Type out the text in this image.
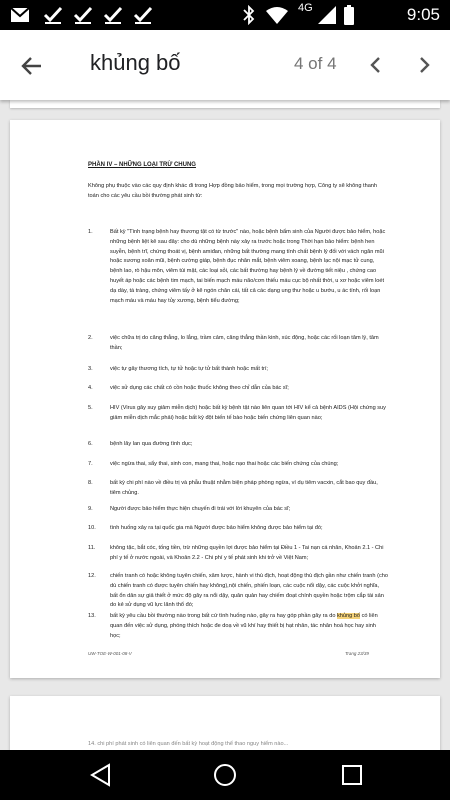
4G	9:05
khủng bố	4 of 4
PHẦN IV – NHỮNG LOẠI TRỪ CHUNG
Không phụ thuộc vào các quy định khác đi trong Hợp đồng bảo hiểm, trong mọi trường hợp, Công ty sẽ không thanh toán cho các yêu cầu bồi thường phát sinh từ:
1.	Bất kỳ "Tình trạng bệnh hay thương tật có từ trước" nào, hoặc bệnh bẩm sinh của Người được bảo hiểm, hoặc những bệnh liệt kê sau đây: cho dù những bệnh này xảy ra trước hoặc trong Thời hạn bảo hiểm: bệnh hen suyễn, bệnh trĩ, chứng thoát vị, bệnh amiđan, những bất thường mang tính chất bệnh lý đối với vách ngăn mũi hoặc xương xoăn mũi, bệnh cường giáp, bệnh đục nhân mắt, bệnh viêm xoang, bệnh lạc nội mạc tử cung, bệnh lao, rò hậu môn, viêm túi mật, các loại sỏi, các bất thường hay bệnh lý về đường tiết niệu , chứng cao huyết áp hoặc các bệnh tim mạch, tai biến mạch máu não/cơn thiếu máu cục bộ nhất thời, u xơ hoặc viêm loét dạ dày, tá tràng, chứng viêm tấy ở kẽ ngón chân cái, tất cả các dạng ung thư hoặc u bướu, u ác tính, rối loạn mạch máu và máu hay tủy xương, bệnh tiểu đường;
2.	việc chữa trị do căng thẳng, lo lắng, trầm cảm, căng thẳng thần kinh, xúc động, hoặc các rối loạn tâm lý, tâm thần;
3.	việc tự gây thương tích, tự tử hoặc tự tử bất thành hoặc mất trí;
4.	việc sử dụng các chất có cồn hoặc thuốc không theo chỉ dẫn của bác sĩ;
5.	HIV (Virus gây suy giảm miễn dịch) hoặc bất kỳ bệnh tật nào liên quan tới HIV kể cả bệnh AIDS (Hội chứng suy giảm miễn dịch mắc phải) hoặc bất kỳ đột biến tế bào hoặc biến chứng liên quan nào;
6.	bệnh lây lan qua đường tình dục;
7.	việc ngừa thai, sẩy thai, sinh con, mang thai, hoặc nạo thai hoặc các biến chứng của chúng;
8.	bất kỳ chi phí nào về điều trị và phẫu thuật nhằm biện pháp phòng ngừa, ví dụ tiêm vacxin, cắt bao quy đầu, tiêm chủng.
9.	Người được bảo hiểm thực hiện chuyến đi trái với lời khuyên của bác sĩ;
10.	tình huống xảy ra tại quốc gia mà Người được bảo hiểm không được bảo hiểm tại đó;
11.	không tặc, bắt cóc, tống tiền, trừ những quyền lợi được bảo hiểm tại Điều 1 - Tai nạn cá nhân, Khoản 2.1 - Chi phí y tế ở nước ngoài, và Khoản 2.2 - Chi phí y tế phát sinh khi trở về Việt Nam;
12.	chiến tranh có hoặc không tuyên chiến, xâm lược, hành vi thù địch, hoạt động thù địch gần như chiến tranh (cho dù chiến tranh có được tuyên chiến hay không),nội chiến, phiến loạn, các cuộc nổi dậy, các cuộc khởi nghĩa, bất ổn dân sự giả thiết ở mức độ gây ra nổi dậy, quân quản hay chiếm đoạt chính quyền hoặc trộm cắp tài sản do kẻ sử dụng vũ lực lãnh thổ đó;
13.	bất kỳ yêu cầu bồi thường nào trong bất cứ tình huống nào, gây ra hay góp phần gây ra do khủng bố có liên quan đến việc sử dụng, phóng thích hoặc đe doạ về vũ khí hay thiết bị hạt nhân, tác nhân hoá học hay sinh học;
UW-TOE-W-001-08-V	Trang 23/39
14. chi phí phát sinh có liên quan đến bất kỳ hoạt động thể thao nguy hiểm nào...
